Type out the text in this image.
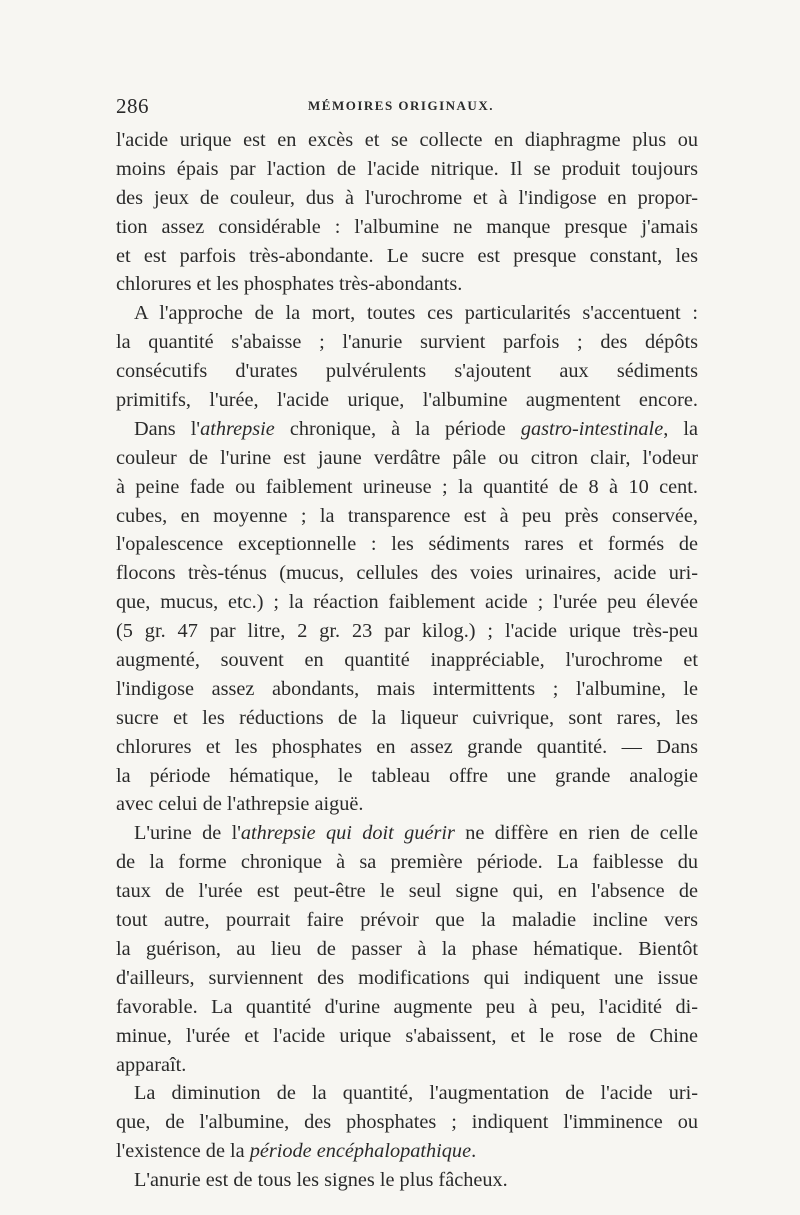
286	MÉMOIRES ORIGINAUX.
l'acide urique est en excès et se collecte en diaphragme plus ou
moins épais par l'action de l'acide nitrique. Il se produit toujours
des jeux de couleur, dus à l'urochrome et à l'indigose en propor-
tion assez considérable : l'albumine ne manque presque j'amais
et est parfois très-abondante. Le sucre est presque constant, les
chlorures et les phosphates très-abondants.
A l'approche de la mort, toutes ces particularités s'accentuent :
la quantité s'abaisse ; l'anurie survient parfois ; des dépôts
consécutifs d'urates pulvérulents s'ajoutent aux sédiments
primitifs, l'urée, l'acide urique, l'albumine augmentent encore.
Dans l'athrepsie chronique, à la période gastro-intestinale, la
couleur de l'urine est jaune verdâtre pâle ou citron clair, l'odeur
à peine fade ou faiblement urineuse ; la quantité de 8 à 10 cent.
cubes, en moyenne ; la transparence est à peu près conservée,
l'opalescence exceptionnelle : les sédiments rares et formés de
flocons très-ténus (mucus, cellules des voies urinaires, acide uri-
que, mucus, etc.) ; la réaction faiblement acide ; l'urée peu élevée
(5 gr. 47 par litre, 2 gr. 23 par kilog.) ; l'acide urique très-peu
augmenté, souvent en quantité inappréciable, l'urochrome et
l'indigose assez abondants, mais intermittents ; l'albumine, le
sucre et les réductions de la liqueur cuivrique, sont rares, les
chlorures et les phosphates en assez grande quantité. — Dans
la période hématique, le tableau offre une grande analogie
avec celui de l'athrepsie aiguë.
L'urine de l'athrepsie qui doit guérir ne diffère en rien de celle
de la forme chronique à sa première période. La faiblesse du
taux de l'urée est peut-être le seul signe qui, en l'absence de
tout autre, pourrait faire prévoir que la maladie incline vers
la guérison, au lieu de passer à la phase hématique. Bientôt
d'ailleurs, surviennent des modifications qui indiquent une issue
favorable. La quantité d'urine augmente peu à peu, l'acidité di-
minue, l'urée et l'acide urique s'abaissent, et le rose de Chine
apparaît.
La diminution de la quantité, l'augmentation de l'acide uri-
que, de l'albumine, des phosphates ; indiquent l'imminence ou
l'existence de la période encéphalopathique.
L'anurie est de tous les signes le plus fâcheux.
